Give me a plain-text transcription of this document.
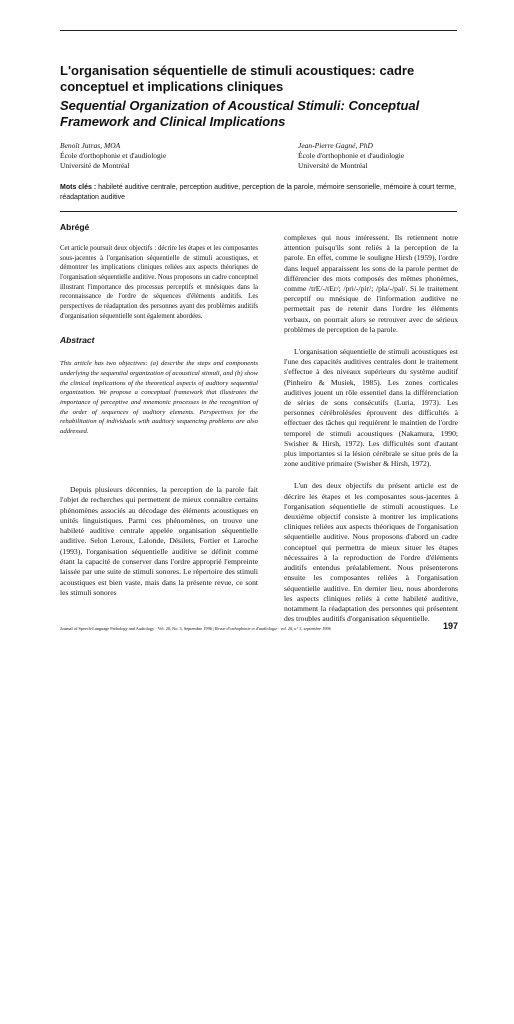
L'organisation séquentielle de stimuli acoustiques: cadre conceptuel et implications cliniques
Sequential Organization of Acoustical Stimuli: Conceptual Framework and Clinical Implications
Benoît Jutras, MOA
École d'orthophonie et d'audiologie
Université de Montréal
Jean-Pierre Gagné, PhD
École d'orthophonie et d'audiologie
Université de Montréal
Mots clés : habileté auditive centrale, perception auditive, perception de la parole, mémoire sensorielle, mémoire à court terme, réadaptation auditive
Abrégé

Cet article poursuit deux objectifs : décrire les étapes et les composantes sous-jacentes à l'organisation séquentielle de stimuli acoustiques, et démontrer les implications cliniques reliées aux aspects théoriques de l'organisation séquentielle auditive. Nous proposons un cadre conceptuel illustrant l'importance des processus perceptifs et mnésiques dans la reconnaissance de l'ordre de séquences d'éléments auditifs. Les perspectives de réadaptation des personnes ayant des problèmes auditifs d'organisation séquentielle sont également abordées.

Abstract

This article has two objectives: (a) describe the steps and components underlying the sequential organization of acoustical stimuli, and (b) show the clinical implications of the theoretical aspects of auditory sequential organization. We propose a conceptual framework that illustrates the importance of perceptive and mnemonic processes in the recognition of the order of sequences of auditory elements. Perspectives for the rehabilitation of individuals with auditory sequencing problems are also addressed.

Depuis plusieurs décennies, la perception de la parole fait l'objet de recherches qui permettent de mieux connaître certains phénomènes associés au décodage des éléments acoustiques en unités linguistiques. Parmi ces phénomènes, on trouve une habileté auditive centrale appelée organisation séquentielle auditive. Selon Leroux, Lalonde, Désilets, Fortier et Laroche (1993), l'organisation séquentielle auditive se définit comme étant la capacité de conserver dans l'ordre approprié l'empreinte laissée par une suite de stimuli sonores. Le répertoire des stimuli acoustiques est bien vaste, mais dans la présente revue, ce sont les stimuli sonores

complexes qui nous intéressent. Ils retiennent notre attention puisqu'ils sont reliés à la perception de la parole. En effet, comme le souligne Hirsh (1959), l'ordre dans lequel apparaissent les sons de la parole permet de différencier des mots composés des mêmes phonèmes, comme /trE/-/tEr/; /pri/-/pir/; /pla/-/pal/. Si le traitement perceptif ou mnésique de l'information auditive ne permettait pas de retenir dans l'ordre les éléments verbaux, on pourrait alors se retrouver avec de sérieux problèmes de perception de la parole.

L'organisation séquentielle de stimuli acoustiques est l'une des capacités auditives centrales dont le traitement s'effectue à des niveaux supérieurs du système auditif (Pinheiro & Musiek, 1985). Les zones corticales auditives jouent un rôle essentiel dans la différenciation de séries de sons consécutifs (Luria, 1973). Les personnes cérébrolésées éprouvent des difficultés à effectuer des tâches qui requièrent le maintien de l'ordre temporel de stimuli acoustiques (Nakamura, 1990; Swisher & Hirsh, 1972). Les difficultés sont d'autant plus importantes si la lésion cérébrale se situe près de la zone auditive primaire (Swisher & Hirsh, 1972).

L'un des deux objectifs du présent article est de décrire les étapes et les composantes sous-jacentes à l'organisation séquentielle de stimuli acoustiques. Le deuxième objectif consiste à montrer les implications cliniques reliées aux aspects théoriques de l'organisation séquentielle auditive. Nous proposons d'abord un cadre conceptuel qui permettra de mieux situer les étapes nécessaires à la reproduction de l'ordre d'éléments auditifs entendus préalablement. Nous présenterons ensuite les composantes reliées à l'organisation séquentielle auditive. En dernier lieu, nous aborderons les aspects cliniques reliés à cette habileté auditive, notamment la réadaptation des personnes qui présentent des troubles auditifs d'organisation séquentielle.

Journal of Speech-Language Pathology and Audiology · Vol. 20, No. 3, Septembre 1996 | Revue d'orthophonie et d'audiologie · vol. 20, n° 3, septembre 1996	197
